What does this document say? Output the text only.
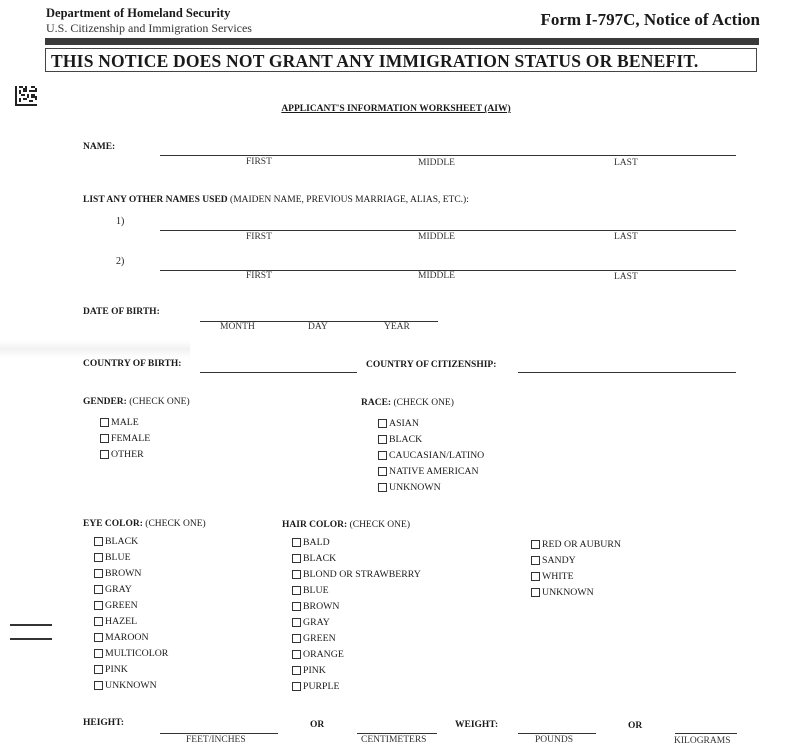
Department of Homeland Security
U.S. Citizenship and Immigration Services	Form I-797C, Notice of Action
THIS NOTICE DOES NOT GRANT ANY IMMIGRATION STATUS OR BENEFIT.
APPLICANT'S INFORMATION WORKSHEET (AIW)
NAME:
FIRST	MIDDLE	LAST
LIST ANY OTHER NAMES USED (MAIDEN NAME, PREVIOUS MARRIAGE, ALIAS, ETC.):
1)
FIRST	MIDDLE	LAST
2)
FIRST	MIDDLE	LAST
DATE OF BIRTH:
MONTH	DAY	YEAR
COUNTRY OF BIRTH:	COUNTRY OF CITIZENSHIP:
GENDER: (CHECK ONE)
MALE
FEMALE
OTHER
RACE: (CHECK ONE)
ASIAN
BLACK
CAUCASIAN/LATINO
NATIVE AMERICAN
UNKNOWN
EYE COLOR: (CHECK ONE)
BLACK
BLUE
BROWN
GRAY
GREEN
HAZEL
MAROON
MULTICOLOR
PINK
UNKNOWN
HAIR COLOR: (CHECK ONE)
BALD
BLACK
BLOND OR STRAWBERRY
BLUE
BROWN
GRAY
GREEN
ORANGE
PINK
PURPLE
RED OR AUBURN
SANDY
WHITE
UNKNOWN
HEIGHT:
FEET/INCHES
OR
CENTIMETERS
WEIGHT:
POUNDS
OR
KILOGRAMS
